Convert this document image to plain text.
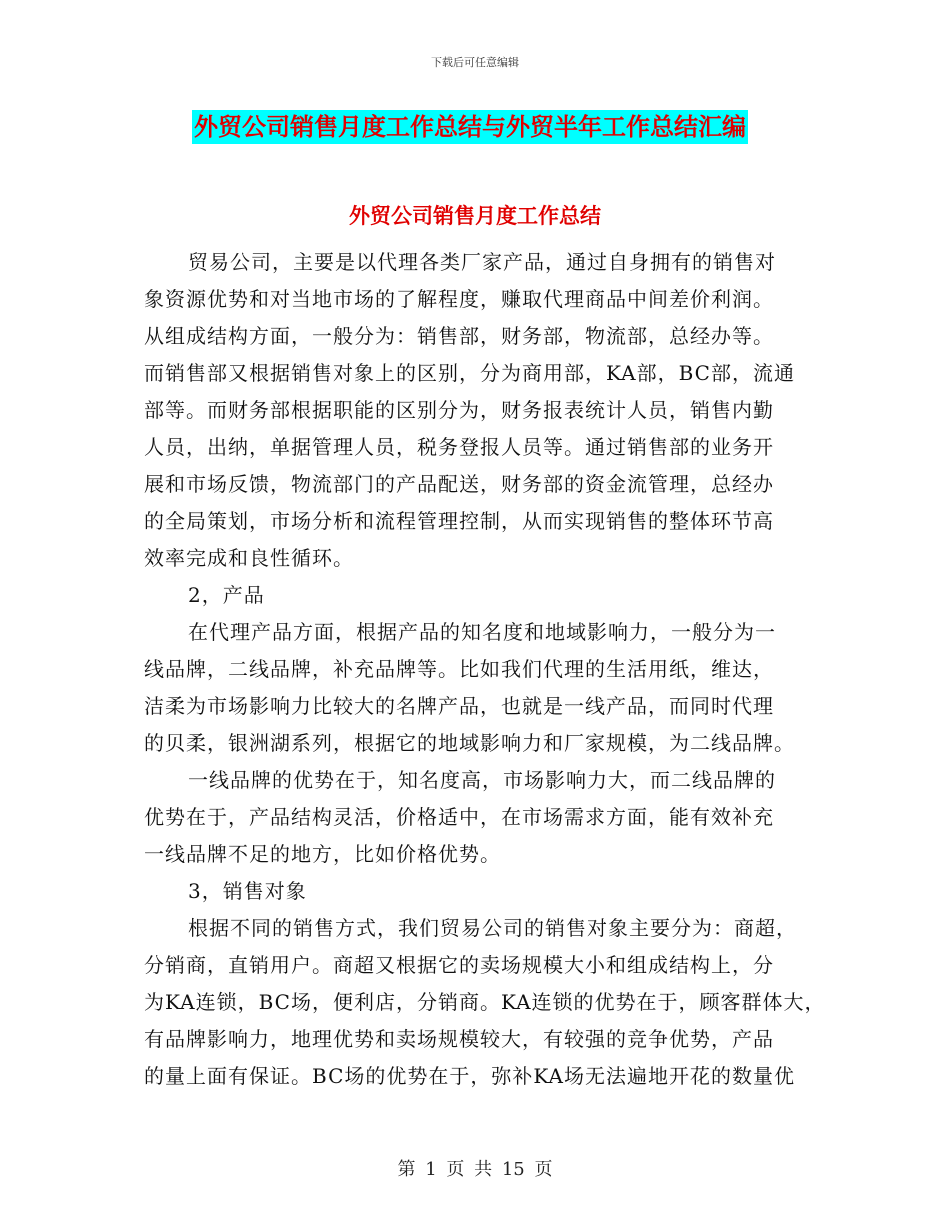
下载后可任意编辑
外贸公司销售月度工作总结与外贸半年工作总结汇编
外贸公司销售月度工作总结
贸易公司，主要是以代理各类厂家产品，通过自身拥有的销售对
象资源优势和对当地市场的了解程度，赚取代理商品中间差价利润。
从组成结构方面，一般分为：销售部，财务部，物流部，总经办等。
而销售部又根据销售对象上的区别，分为商用部，KA部，BC部，流通
部等。而财务部根据职能的区别分为，财务报表统计人员，销售内勤
人员，出纳，单据管理人员，税务登报人员等。通过销售部的业务开
展和市场反馈，物流部门的产品配送，财务部的资金流管理，总经办
的全局策划，市场分析和流程管理控制，从而实现销售的整体环节高
效率完成和良性循环。
2，产品
在代理产品方面，根据产品的知名度和地域影响力，一般分为一
线品牌，二线品牌，补充品牌等。比如我们代理的生活用纸，维达，
洁柔为市场影响力比较大的名牌产品，也就是一线产品，而同时代理
的贝柔，银洲湖系列，根据它的地域影响力和厂家规模，为二线品牌。
一线品牌的优势在于，知名度高，市场影响力大，而二线品牌的
优势在于，产品结构灵活，价格适中，在市场需求方面，能有效补充
一线品牌不足的地方，比如价格优势。
3，销售对象
根据不同的销售方式，我们贸易公司的销售对象主要分为：商超，
分销商，直销用户。商超又根据它的卖场规模大小和组成结构上，分
为KA连锁，BC场，便利店，分销商。KA连锁的优势在于，顾客群体大，
有品牌影响力，地理优势和卖场规模较大，有较强的竞争优势，产品
的量上面有保证。BC场的优势在于，弥补KA场无法遍地开花的数量优
第 1 页 共 15 页
